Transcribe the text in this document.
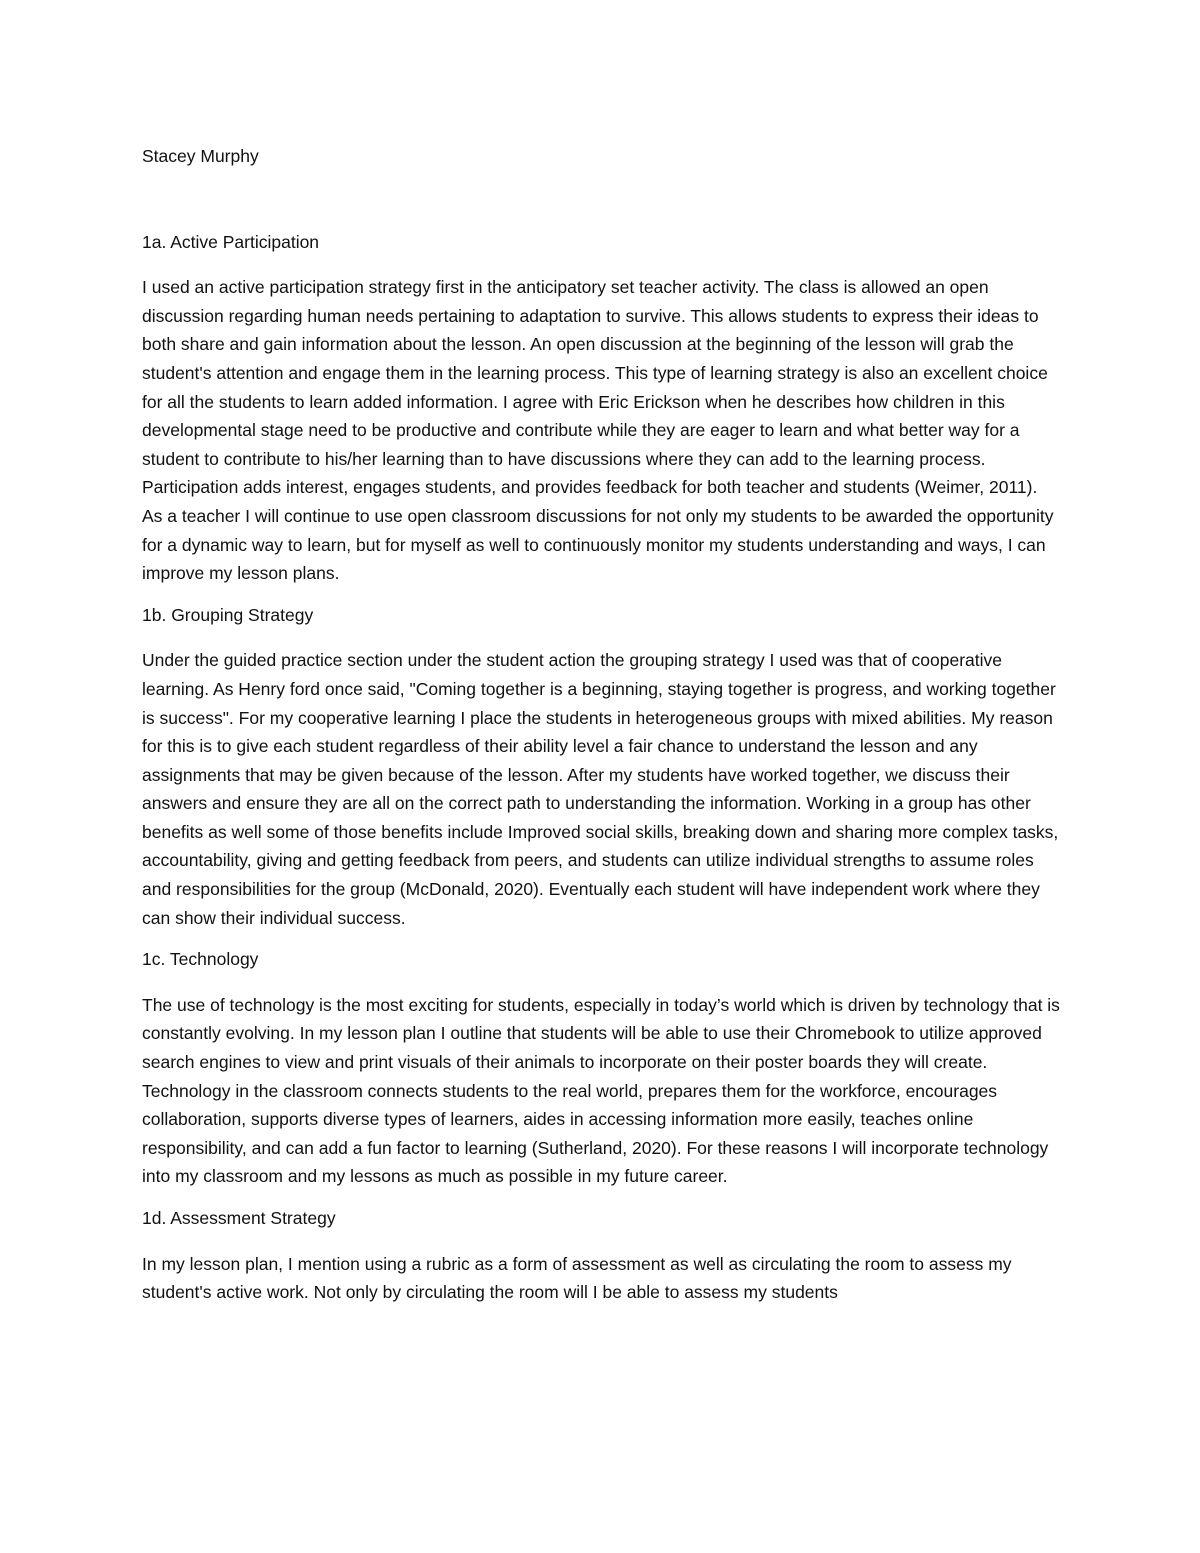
Stacey Murphy
1a. Active Participation

I used an active participation strategy first in the anticipatory set teacher activity. The class is allowed an open discussion regarding human needs pertaining to adaptation to survive. This allows students to express their ideas to both share and gain information about the lesson. An open discussion at the beginning of the lesson will grab the student's attention and engage them in the learning process. This type of learning strategy is also an excellent choice for all the students to learn added information. I agree with Eric Erickson when he describes how children in this developmental stage need to be productive and contribute while they are eager to learn and what better way for a student to contribute to his/her learning than to have discussions where they can add to the learning process. Participation adds interest, engages students, and provides feedback for both teacher and students (Weimer, 2011). As a teacher I will continue to use open classroom discussions for not only my students to be awarded the opportunity for a dynamic way to learn, but for myself as well to continuously monitor my students understanding and ways, I can improve my lesson plans.

1b. Grouping Strategy

Under the guided practice section under the student action the grouping strategy I used was that of cooperative learning. As Henry ford once said, "Coming together is a beginning, staying together is progress, and working together is success". For my cooperative learning I place the students in heterogeneous groups with mixed abilities. My reason for this is to give each student regardless of their ability level a fair chance to understand the lesson and any assignments that may be given because of the lesson. After my students have worked together, we discuss their answers and ensure they are all on the correct path to understanding the information. Working in a group has other benefits as well some of those benefits include Improved social skills, breaking down and sharing more complex tasks, accountability, giving and getting feedback from peers, and students can utilize individual strengths to assume roles and responsibilities for the group (McDonald, 2020). Eventually each student will have independent work where they can show their individual success.

1c. Technology

The use of technology is the most exciting for students, especially in today’s world which is driven by technology that is constantly evolving. In my lesson plan I outline that students will be able to use their Chromebook to utilize approved search engines to view and print visuals of their animals to incorporate on their poster boards they will create. Technology in the classroom connects students to the real world, prepares them for the workforce, encourages collaboration, supports diverse types of learners, aides in accessing information more easily, teaches online responsibility, and can add a fun factor to learning (Sutherland, 2020). For these reasons I will incorporate technology into my classroom and my lessons as much as possible in my future career.

1d. Assessment Strategy

In my lesson plan, I mention using a rubric as a form of assessment as well as circulating the room to assess my student's active work. Not only by circulating the room will I be able to assess my students
